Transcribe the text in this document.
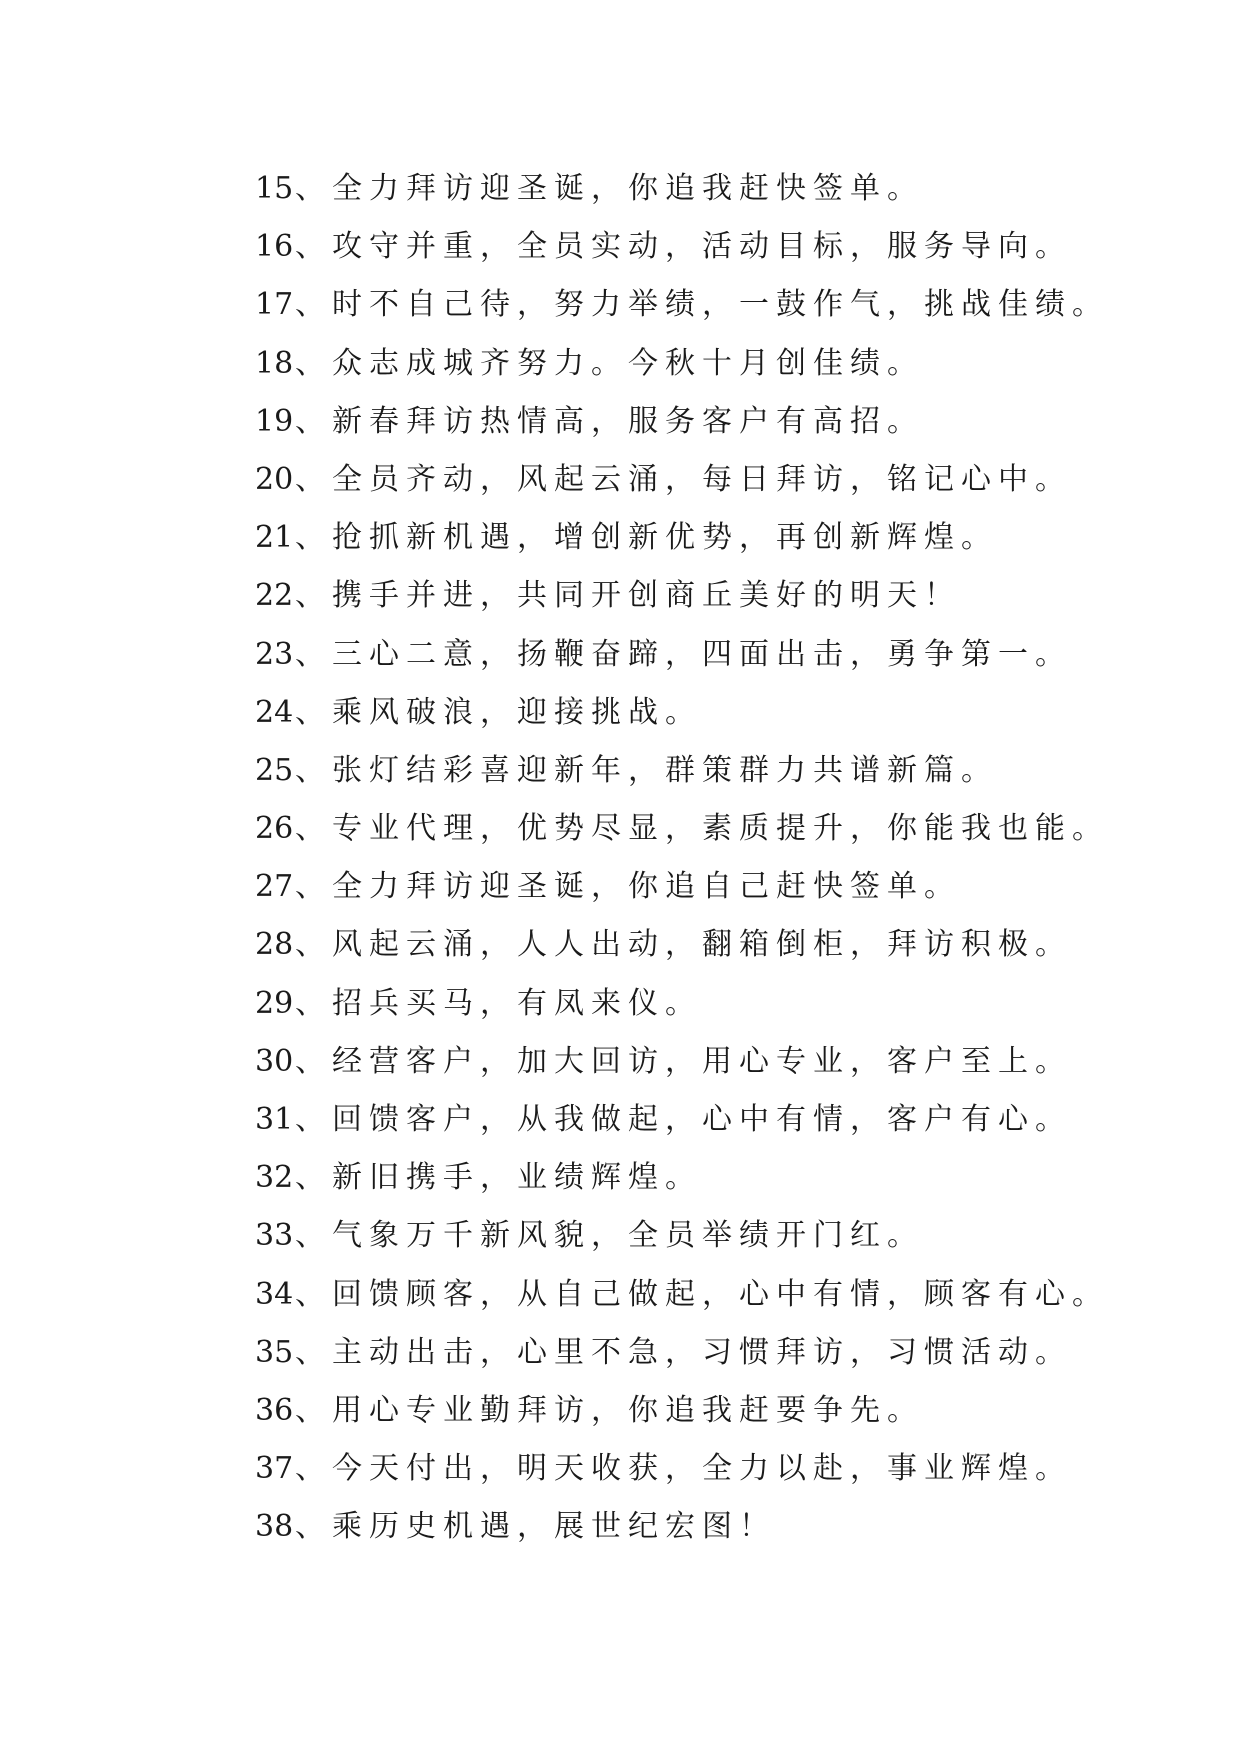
15 、全力拜访迎圣诞，你追我赶快签单。
16 、攻守并重，全员实动，活动目标，服务导向。
17 、时不自己待，努力举绩，一鼓作气，挑战佳绩。
18 、众志成城齐努力。今秋十月创佳绩。
19 、新春拜访热情高，服务客户有高招。
20 、全员齐动，风起云涌，每日拜访，铭记心中。
21 、抢抓新机遇，增创新优势，再创新辉煌。
22 、携手并进，共同开创商丘美好的明天！
23 、三心二意，扬鞭奋蹄，四面出击，勇争第一。
24 、乘风破浪，迎接挑战。
25 、张灯结彩喜迎新年，群策群力共谱新篇。
26 、专业代理，优势尽显，素质提升，你能我也能。
27 、全力拜访迎圣诞，你追自己赶快签单。
28 、风起云涌，人人出动，翻箱倒柜，拜访积极。
29 、招兵买马，有凤来仪。
30 、经营客户，加大回访，用心专业，客户至上。
31 、回馈客户，从我做起，心中有情，客户有心。
32 、新旧携手，业绩辉煌。
33 、气象万千新风貌，全员举绩开门红。
34 、回馈顾客，从自己做起，心中有情，顾客有心。
35 、主动出击，心里不急，习惯拜访，习惯活动。
36 、用心专业勤拜访，你追我赶要争先。
37 、今天付出，明天收获，全力以赴，事业辉煌。
38 、乘历史机遇，展世纪宏图！
